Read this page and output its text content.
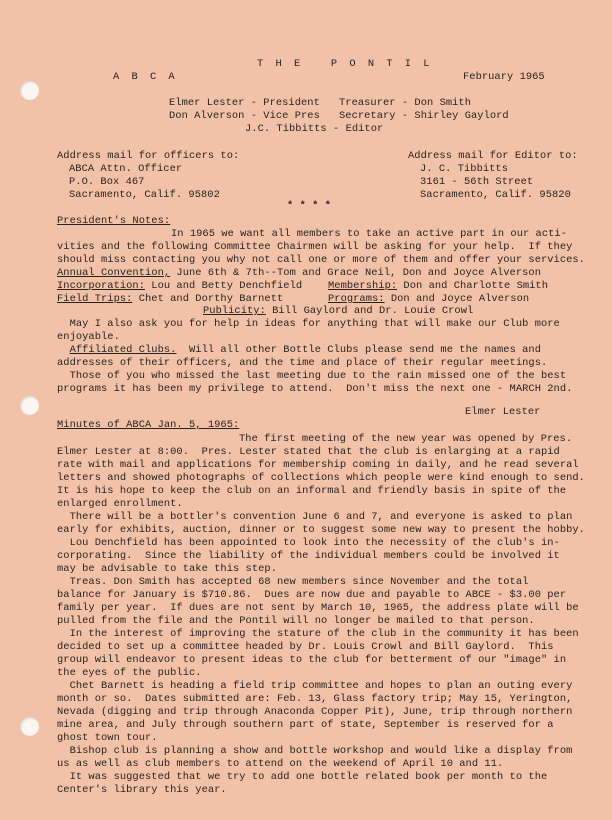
T H E   P O N T I L
A B C A	February 1965
Elmer Lester - President Treasurer - Don Smith
Don Alverson - Vice Pres Secretary - Shirley Gaylord
J.C. Tibbitts - Editor
Address mail for officers to:
ABCA Attn. Officer
P.O. Box 467
Sacramento, Calif. 95802
Address mail for Editor to:
J. C. Tibbitts
3161 - 56th Street
Sacramento, Calif. 95820
* * * *
President's Notes:
In 1965 we want all members to take an active part in our acti-
vities and the following Committee Chairmen will be asking for your help.  If they
should miss contacting you why not call one or more of them and offer your services.
Annual Convention, June 6th & 7th--Tom and Grace Neil, Don and Joyce Alverson
Incorporation: Lou and Betty Denchfield Membership: Don and Charlotte Smith
Field Trips: Chet and Dorthy Barnett	Programs: Don and Joyce Alverson
Publicity: Bill Gaylord and Dr. Louie Crowl
May I also ask you for help in ideas for anything that will make our Club more
enjoyable.
Affiliated Clubs.  Will all other Bottle Clubs please send me the names and
addresses of their officers, and the time and place of their regular meetings.
Those of you who missed the last meeting due to the rain missed one of the best
programs it has been my privilege to attend.  Don't miss the next one - MARCH 2nd.
Elmer Lester
Minutes of ABCA Jan. 5, 1965:
The first meeting of the new year was opened by Pres.
Elmer Lester at 8:00.  Pres. Lester stated that the club is enlarging at a rapid
rate with mail and applications for membership coming in daily, and he read several
letters and showed photographs of collections which people were kind enough to send.
It is his hope to keep the club on an informal and friendly basis in spite of the
enlarged enrollment.
There will be a bottler's convention June 6 and 7, and everyone is asked to plan
early for exhibits, auction, dinner or to suggest some new way to present the hobby.
Lou Denchfield has been appointed to look into the necessity of the club's in-
corporating.  Since the liability of the individual members could be involved it
may be advisable to take this step.
Treas. Don Smith has accepted 68 new members since November and the total
balance for January is $710.86.  Dues are now due and payable to ABCE - $3.00 per
family per year.  If dues are not sent by March 10, 1965, the address plate will be
pulled from the file and the Pontil will no longer be mailed to that person.
In the interest of improving the stature of the club in the community it has been
decided to set up a committee headed by Dr. Louis Crowl and Bill Gaylord.  This
group will endeavor to present ideas to the club for betterment of our "image" in
the eyes of the public.
Chet Barnett is heading a field trip committee and hopes to plan an outing every
month or so.  Dates submitted are: Feb. 13, Glass factory trip; May 15, Yerington,
Nevada (digging and trip through Anaconda Copper Pit), June, trip through northern
mine area, and July through southern part of state, September is reserved for a
ghost town tour.
Bishop club is planning a show and bottle workshop and would like a display from
us as well as club members to attend on the weekend of April 10 and 11.
It was suggested that we try to add one bottle related book per month to the
Center's library this year.
